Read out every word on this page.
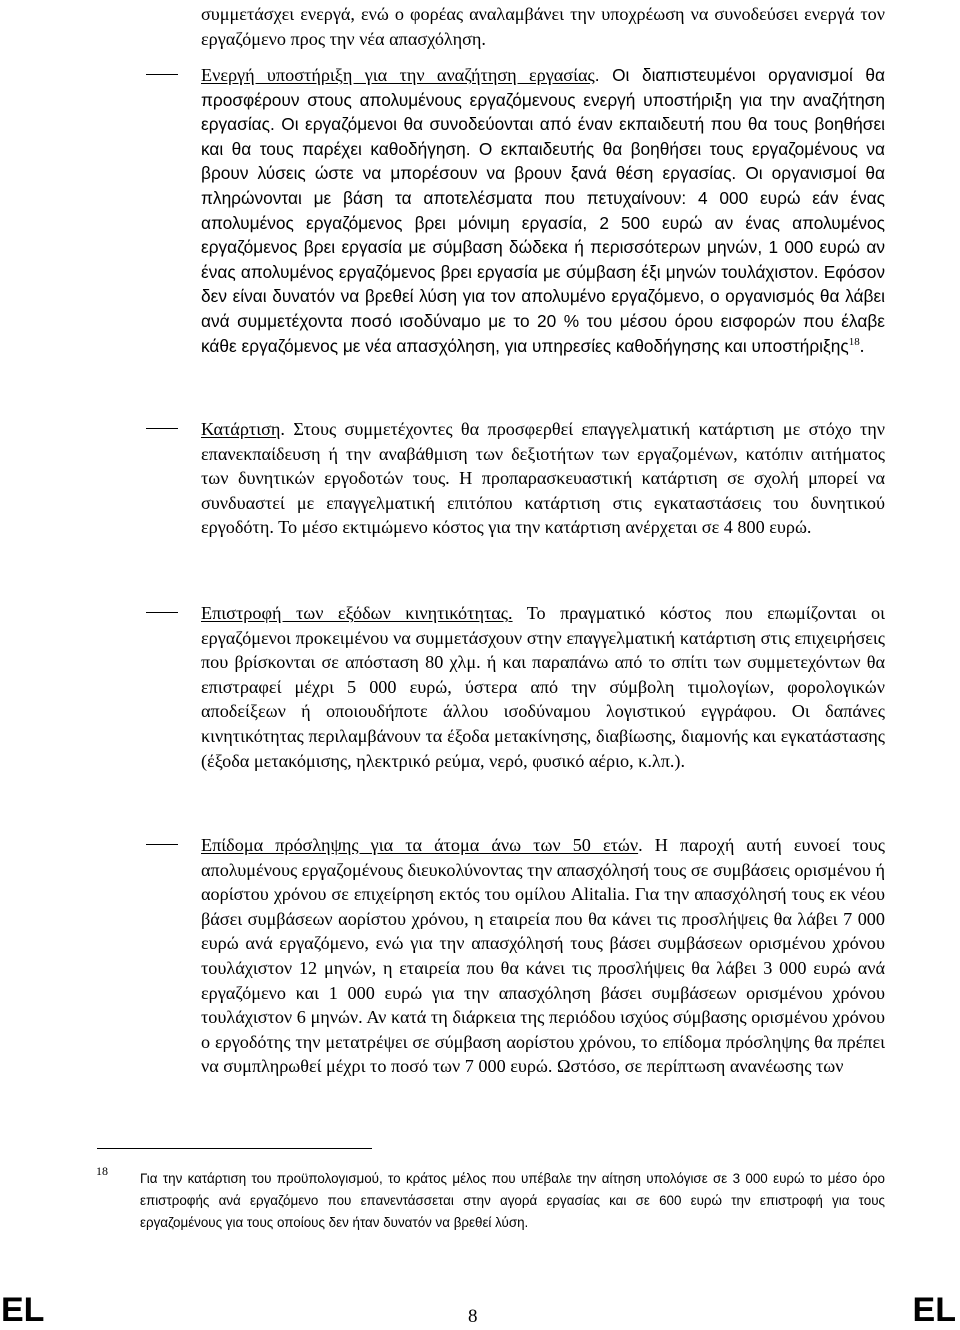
συμμετάσχει ενεργά, ενώ ο φορέας αναλαμβάνει την υποχρέωση να συνοδεύσει ενεργά τον εργαζόμενο προς την νέα απασχόληση.

Ενεργή υποστήριξη για την αναζήτηση εργασίας. Οι διαπιστευμένοι οργανισμοί θα προσφέρουν στους απολυμένους εργαζόμενους ενεργή υποστήριξη για την αναζήτηση εργασίας. Οι εργαζόμενοι θα συνοδεύονται από έναν εκπαιδευτή που θα τους βοηθήσει και θα τους παρέχει καθοδήγηση. Ο εκπαιδευτής θα βοηθήσει τους εργαζομένους να βρουν λύσεις ώστε να μπορέσουν να βρουν ξανά θέση εργασίας. Οι οργανισμοί θα πληρώνονται με βάση τα αποτελέσματα που πετυχαίνουν: 4 000 ευρώ εάν ένας απολυμένος εργαζόμενος βρει μόνιμη εργασία, 2 500 ευρώ αν ένας απολυμένος εργαζόμενος βρει εργασία με σύμβαση δώδεκα ή περισσότερων μηνών, 1 000 ευρώ αν ένας απολυμένος εργαζόμενος βρει εργασία με σύμβαση έξι μηνών τουλάχιστον. Εφόσον δεν είναι δυνατόν να βρεθεί λύση για τον απολυμένο εργαζόμενο, ο οργανισμός θα λάβει ανά συμμετέχοντα ποσό ισοδύναμο με το 20 % του μέσου όρου εισφορών που έλαβε κάθε εργαζόμενος με νέα απασχόληση, για υπηρεσίες καθοδήγησης και υποστήριξης$^{18}$.

Κατάρτιση. Στους συμμετέχοντες θα προσφερθεί επαγγελματική κατάρτιση με στόχο την επανεκπαίδευση ή την αναβάθμιση των δεξιοτήτων των εργαζομένων, κατόπιν αιτήματος των δυνητικών εργοδοτών τους. Η προπαρασκευαστική κατάρτιση σε σχολή μπορεί να συνδυαστεί με επαγγελματική επιτόπου κατάρτιση στις εγκαταστάσεις του δυνητικού εργοδότη. Το μέσο εκτιμώμενο κόστος για την κατάρτιση ανέρχεται σε 4 800 ευρώ.

Επιστροφή των εξόδων κινητικότητας. Το πραγματικό κόστος που επωμίζονται οι εργαζόμενοι προκειμένου να συμμετάσχουν στην επαγγελματική κατάρτιση στις επιχειρήσεις που βρίσκονται σε απόσταση 80 χλμ. ή και παραπάνω από το σπίτι των συμμετεχόντων θα επιστραφεί μέχρι 5 000 ευρώ, ύστερα από την σύμβολη τιμολογίων, φορολογικών αποδείξεων ή οποιουδήποτε άλλου ισοδύναμου λογιστικού εγγράφου. Οι δαπάνες κινητικότητας περιλαμβάνουν τα έξοδα μετακίνησης, διαβίωσης, διαμονής και εγκατάστασης (έξοδα μετακόμισης, ηλεκτρικό ρεύμα, νερό, φυσικό αέριο, κ.λπ.).

Επίδομα πρόσληψης για τα άτομα άνω των 50 ετών. Η παροχή αυτή ευνοεί τους απολυμένους εργαζομένους διευκολύνοντας την απασχόλησή τους σε συμβάσεις ορισμένου ή αορίστου χρόνου σε επιχείρηση εκτός του ομίλου Alitalia. Για την απασχόλησή τους εκ νέου βάσει συμβάσεων αορίστου χρόνου, η εταιρεία που θα κάνει τις προσλήψεις θα λάβει 7 000 ευρώ ανά εργαζόμενο, ενώ για την απασχόλησή τους βάσει συμβάσεων ορισμένου χρόνου τουλάχιστον 12 μηνών, η εταιρεία που θα κάνει τις προσλήψεις θα λάβει 3 000 ευρώ ανά εργαζόμενο και 1 000 ευρώ για την απασχόληση βάσει συμβάσεων ορισμένου χρόνου τουλάχιστον 6 μηνών. Αν κατά τη διάρκεια της περιόδου ισχύος σύμβασης ορισμένου χρόνου ο εργοδότης την μετατρέψει σε σύμβαση αορίστου χρόνου, το επίδομα πρόσληψης θα πρέπει να συμπληρωθεί μέχρι το ποσό των 7 000 ευρώ. Ωστόσο, σε περίπτωση ανανέωσης των

18 Για την κατάρτιση του προϋπολογισμού, το κράτος μέλος που υπέβαλε την αίτηση υπολόγισε σε 3 000 ευρώ το μέσο όρο επιστροφής ανά εργαζόμενο που επανεντάσσεται στην αγορά εργασίας και σε 600 ευρώ την επιστροφή για τους εργαζομένους για τους οποίους δεν ήταν δυνατόν να βρεθεί λύση.

EL	8	EL
